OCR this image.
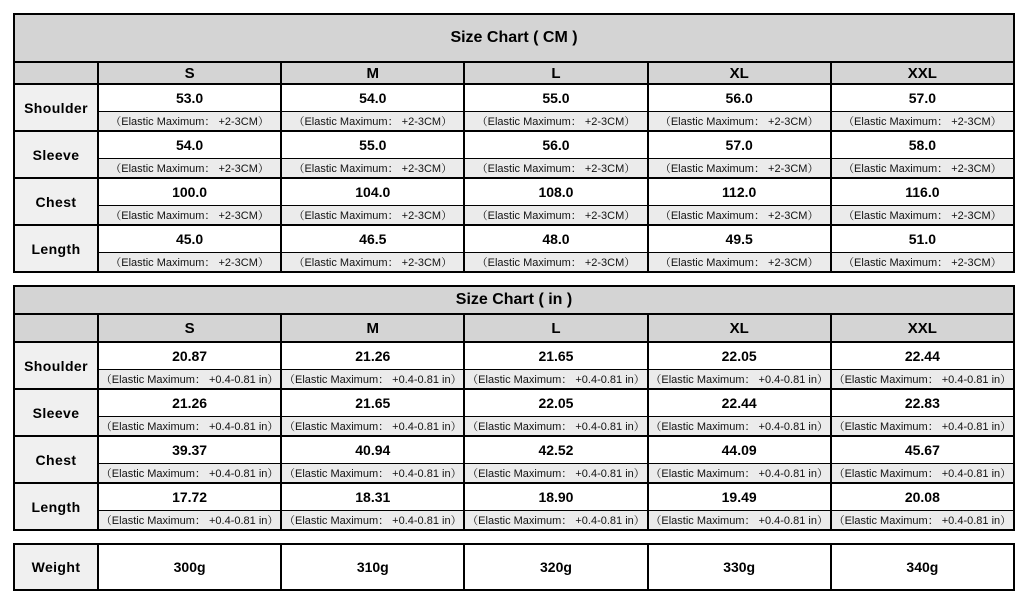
Size Chart ( CM )					
	S	M	L	XL	XXL
Shoulder	53.0	54.0	55.0	56.0	57.0
	（Elastic Maximum： +2-3CM）	（Elastic Maximum： +2-3CM）	（Elastic Maximum： +2-3CM）	（Elastic Maximum： +2-3CM）	（Elastic Maximum： +2-3CM）
Sleeve	54.0	55.0	56.0	57.0	58.0
	（Elastic Maximum： +2-3CM）	（Elastic Maximum： +2-3CM）	（Elastic Maximum： +2-3CM）	（Elastic Maximum： +2-3CM）	（Elastic Maximum： +2-3CM）
Chest	100.0	104.0	108.0	112.0	116.0
	（Elastic Maximum： +2-3CM）	（Elastic Maximum： +2-3CM）	（Elastic Maximum： +2-3CM）	（Elastic Maximum： +2-3CM）	（Elastic Maximum： +2-3CM）
Length	45.0	46.5	48.0	49.5	51.0
	（Elastic Maximum： +2-3CM）	（Elastic Maximum： +2-3CM）	（Elastic Maximum： +2-3CM）	（Elastic Maximum： +2-3CM）	（Elastic Maximum： +2-3CM）
Size Chart ( in )					
	S	M	L	XL	XXL
Shoulder	20.87	21.26	21.65	22.05	22.44
	（Elastic Maximum： +0.4-0.81 in）	（Elastic Maximum： +0.4-0.81 in）	（Elastic Maximum： +0.4-0.81 in）	（Elastic Maximum： +0.4-0.81 in）	（Elastic Maximum： +0.4-0.81 in）
Sleeve	21.26	21.65	22.05	22.44	22.83
	（Elastic Maximum： +0.4-0.81 in）	（Elastic Maximum： +0.4-0.81 in）	（Elastic Maximum： +0.4-0.81 in）	（Elastic Maximum： +0.4-0.81 in）	（Elastic Maximum： +0.4-0.81 in）
Chest	39.37	40.94	42.52	44.09	45.67
	（Elastic Maximum： +0.4-0.81 in）	（Elastic Maximum： +0.4-0.81 in）	（Elastic Maximum： +0.4-0.81 in）	（Elastic Maximum： +0.4-0.81 in）	（Elastic Maximum： +0.4-0.81 in）
Length	17.72	18.31	18.90	19.49	20.08
	（Elastic Maximum： +0.4-0.81 in）	（Elastic Maximum： +0.4-0.81 in）	（Elastic Maximum： +0.4-0.81 in）	（Elastic Maximum： +0.4-0.81 in）	（Elastic Maximum： +0.4-0.81 in）
Weight	300g	310g	320g	330g	340g
